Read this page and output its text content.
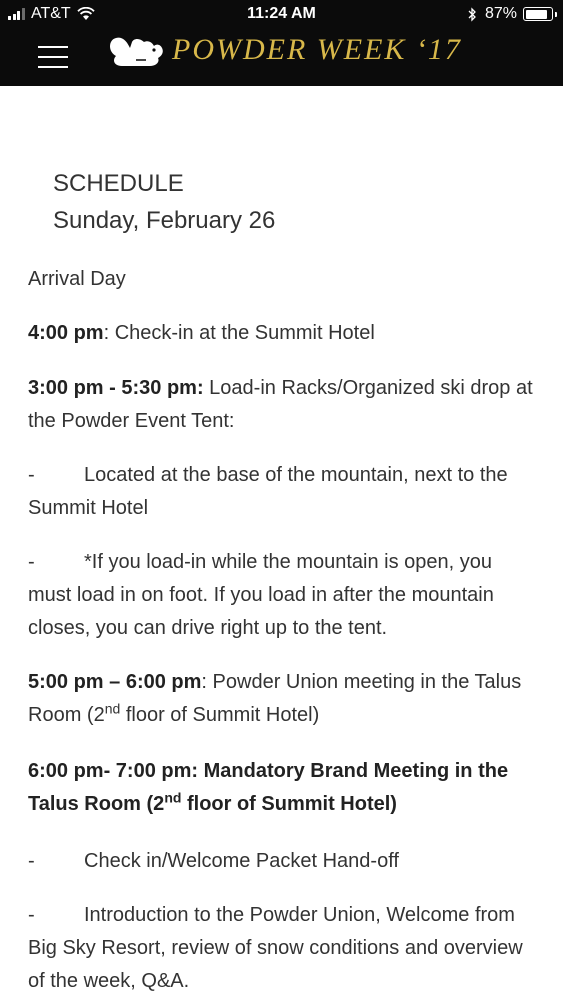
AT&T	11:24 AM	87%
POWDER WEEK ‘17
SCHEDULE
Sunday, February 26
Arrival Day
4:00 pm: Check-in at the Summit Hotel
3:00 pm - 5:30 pm: Load-in Racks/Organized ski drop at the Powder Event Tent:
- Located at the base of the mountain, next to the Summit Hotel
- *If you load-in while the mountain is open, you must load in on foot. If you load in after the mountain closes, you can drive right up to the tent.
5:00 pm – 6:00 pm: Powder Union meeting in the Talus Room (2nd floor of Summit Hotel)
6:00 pm- 7:00 pm: Mandatory Brand Meeting in the Talus Room (2nd floor of Summit Hotel)
- Check in/Welcome Packet Hand-off
- Introduction to the Powder Union, Welcome from Big Sky Resort, review of snow conditions and overview of the week, Q&A.
